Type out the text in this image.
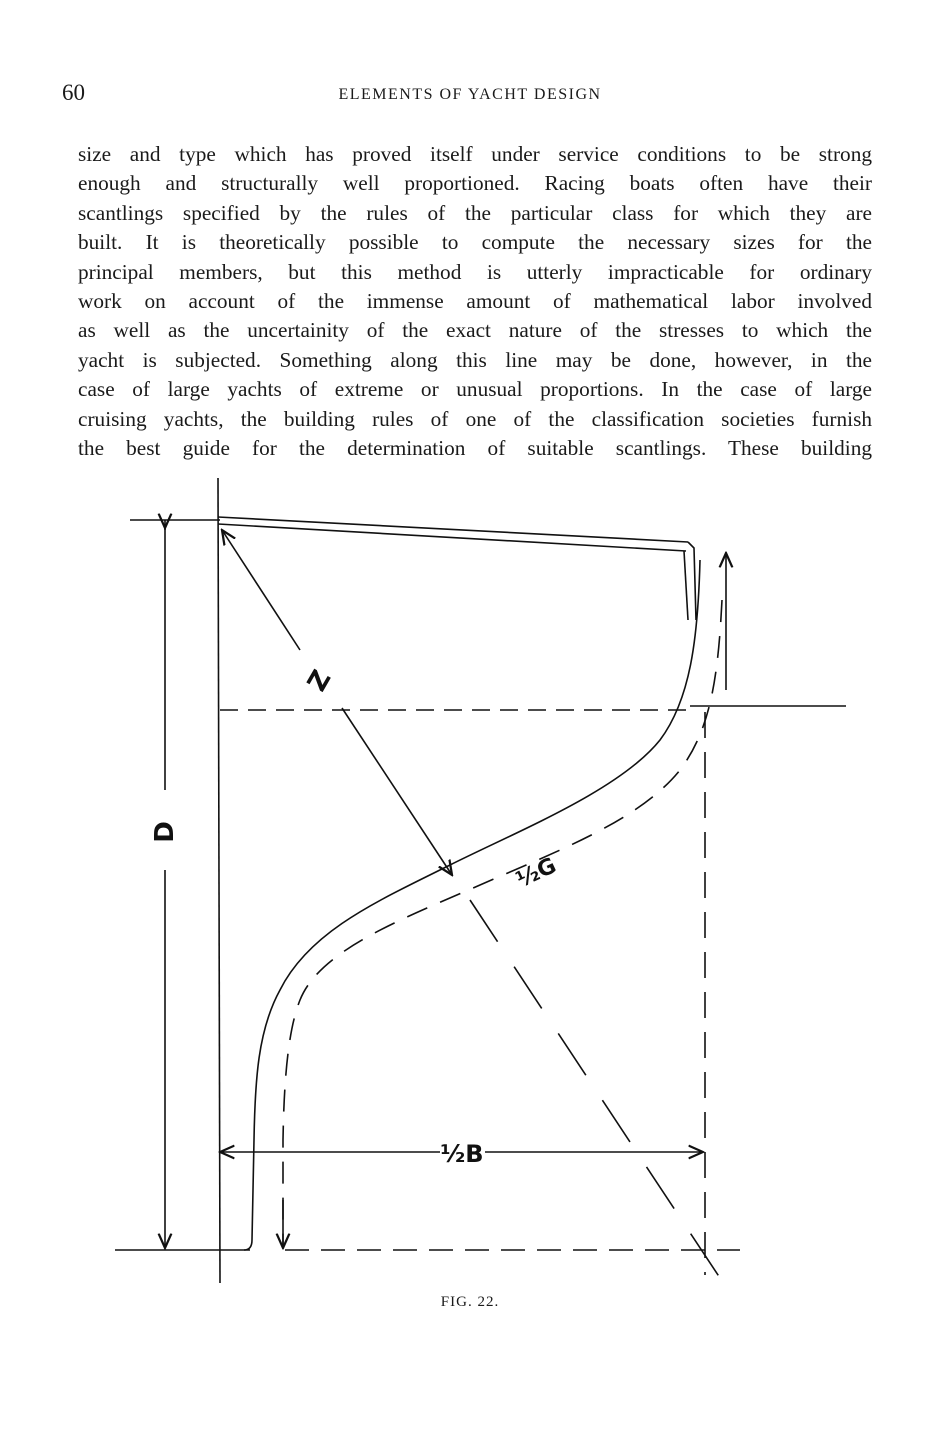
60	ELEMENTS OF YACHT DESIGN
size and type which has proved itself under service conditions to be strong
enough and structurally well proportioned. Racing boats often have their
scantlings specified by the rules of the particular class for which they are
built. It is theoretically possible to compute the necessary sizes for the
principal members, but this method is utterly impracticable for ordinary
work on account of the immense amount of mathematical labor involved
as well as the uncertainity of the exact nature of the stresses to which the
yacht is subjected. Something along this line may be done, however, in the
case of large yachts of extreme or unusual proportions. In the case of large
cruising yachts, the building rules of one of the classification societies furnish
the best guide for the determination of suitable scantlings. These building
Z
½G
½B
D
FIG. 22.
